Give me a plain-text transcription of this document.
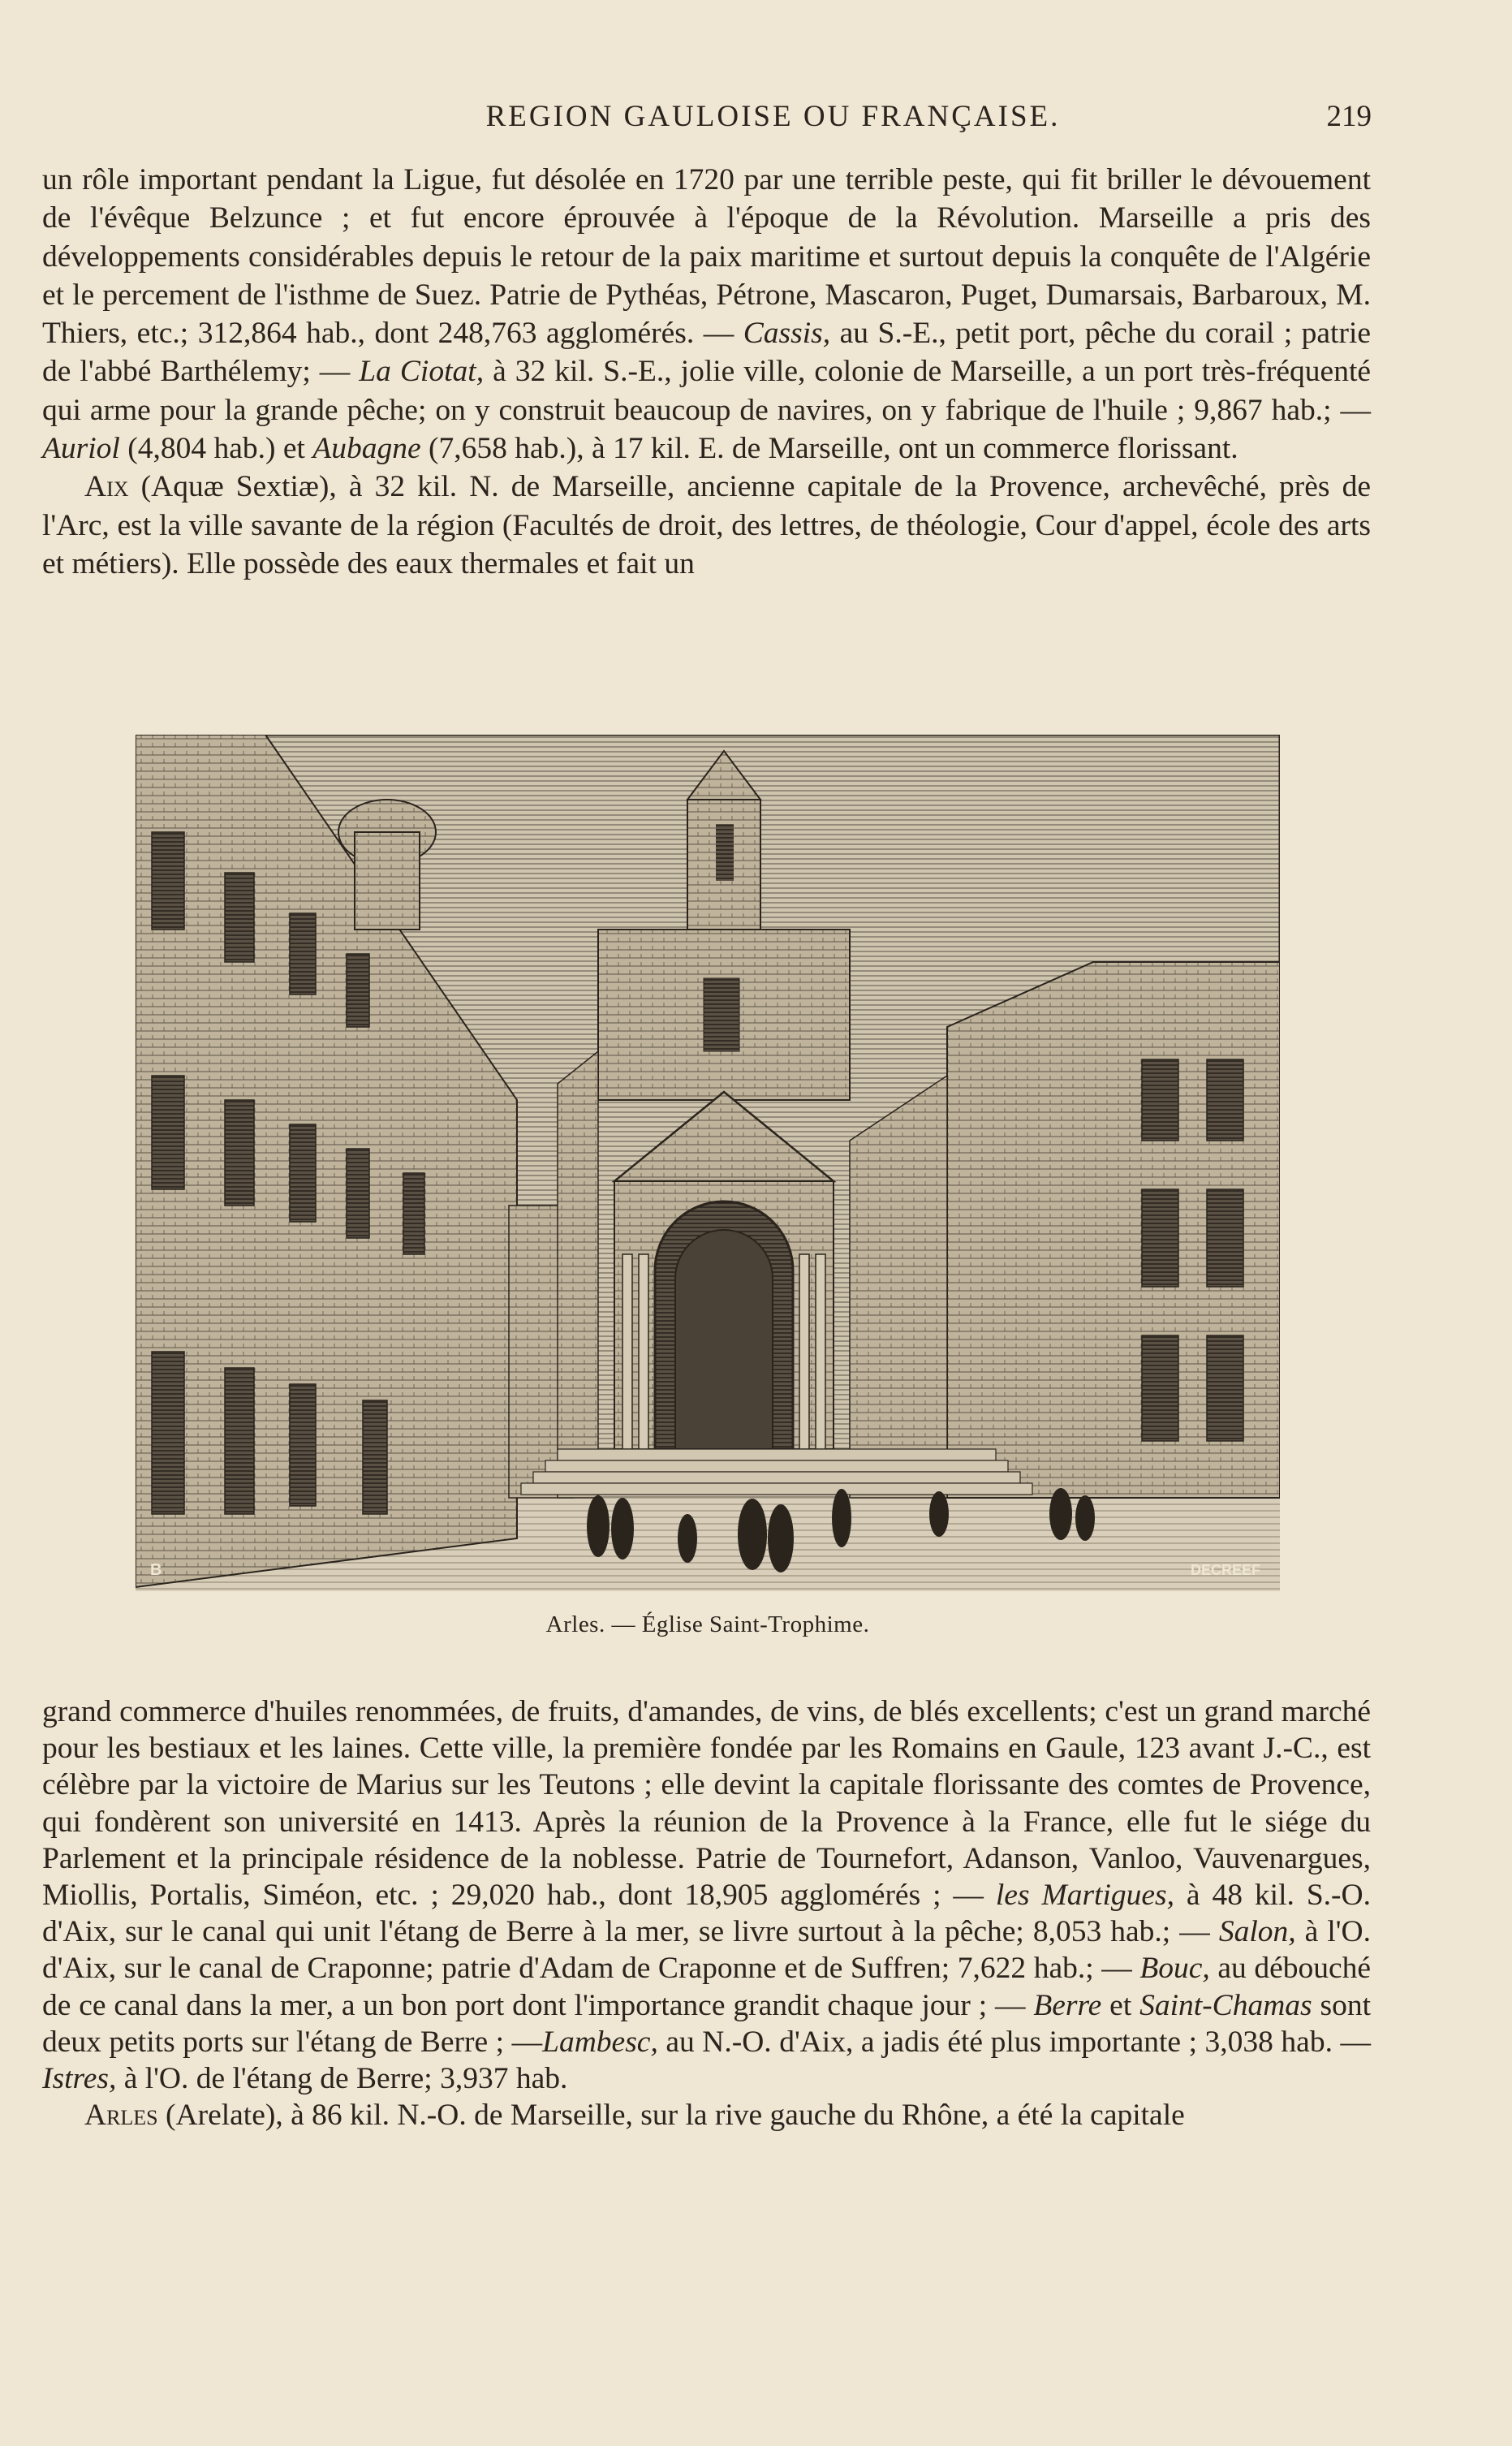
REGION GAULOISE OU FRANÇAISE.	219

un rôle important pendant la Ligue, fut désolée en 1720 par une terrible peste, qui fit briller le dévouement de l'évêque Belzunce ; et fut encore éprouvée à l'époque de la Révolution. Marseille a pris des développements considérables depuis le retour de la paix maritime et surtout depuis la conquête de l'Algérie et le percement de l'isthme de Suez. Patrie de Pythéas, Pétrone, Mascaron, Puget, Dumarsais, Barbaroux, M. Thiers, etc.; 312,864 hab., dont 248,763 agglomérés. — Cassis, au S.-E., petit port, pêche du corail ; patrie de l'abbé Barthélemy; — La Ciotat, à 32 kil. S.-E., jolie ville, colonie de Marseille, a un port très-fréquenté qui arme pour la grande pêche; on y construit beaucoup de navires, on y fabrique de l'huile ; 9,867 hab.; —Auriol (4,804 hab.) et Aubagne (7,658 hab.), à 17 kil. E. de Marseille, ont un commerce florissant.

Aix (Aquæ Sextiæ), à 32 kil. N. de Marseille, ancienne capitale de la Provence, archevêché, près de l'Arc, est la ville savante de la région (Facultés de droit, des lettres, de théologie, Cour d'appel, école des arts et métiers). Elle possède des eaux thermales et fait un

B	DECREEF
Arles. — Église Saint-Trophime.

grand commerce d'huiles renommées, de fruits, d'amandes, de vins, de blés excellents; c'est un grand marché pour les bestiaux et les laines. Cette ville, la première fondée par les Romains en Gaule, 123 avant J.-C., est célèbre par la victoire de Marius sur les Teutons ; elle devint la capitale florissante des comtes de Provence, qui fondèrent son université en 1413. Après la réunion de la Provence à la France, elle fut le siége du Parlement et la principale résidence de la noblesse. Patrie de Tournefort, Adanson, Vanloo, Vauvenargues, Miollis, Portalis, Siméon, etc. ; 29,020 hab., dont 18,905 agglomérés ; — les Martigues, à 48 kil. S.-O. d'Aix, sur le canal qui unit l'étang de Berre à la mer, se livre surtout à la pêche; 8,053 hab.; — Salon, à l'O. d'Aix, sur le canal de Craponne; patrie d'Adam de Craponne et de Suffren; 7,622 hab.; — Bouc, au débouché de ce canal dans la mer, a un bon port dont l'importance grandit chaque jour ; — Berre et Saint-Chamas sont deux petits ports sur l'étang de Berre ; —Lambesc, au N.-O. d'Aix, a jadis été plus importante ; 3,038 hab. — Istres, à l'O. de l'étang de Berre; 3,937 hab.

Arles (Arelate), à 86 kil. N.-O. de Marseille, sur la rive gauche du Rhône, a été la capitale
